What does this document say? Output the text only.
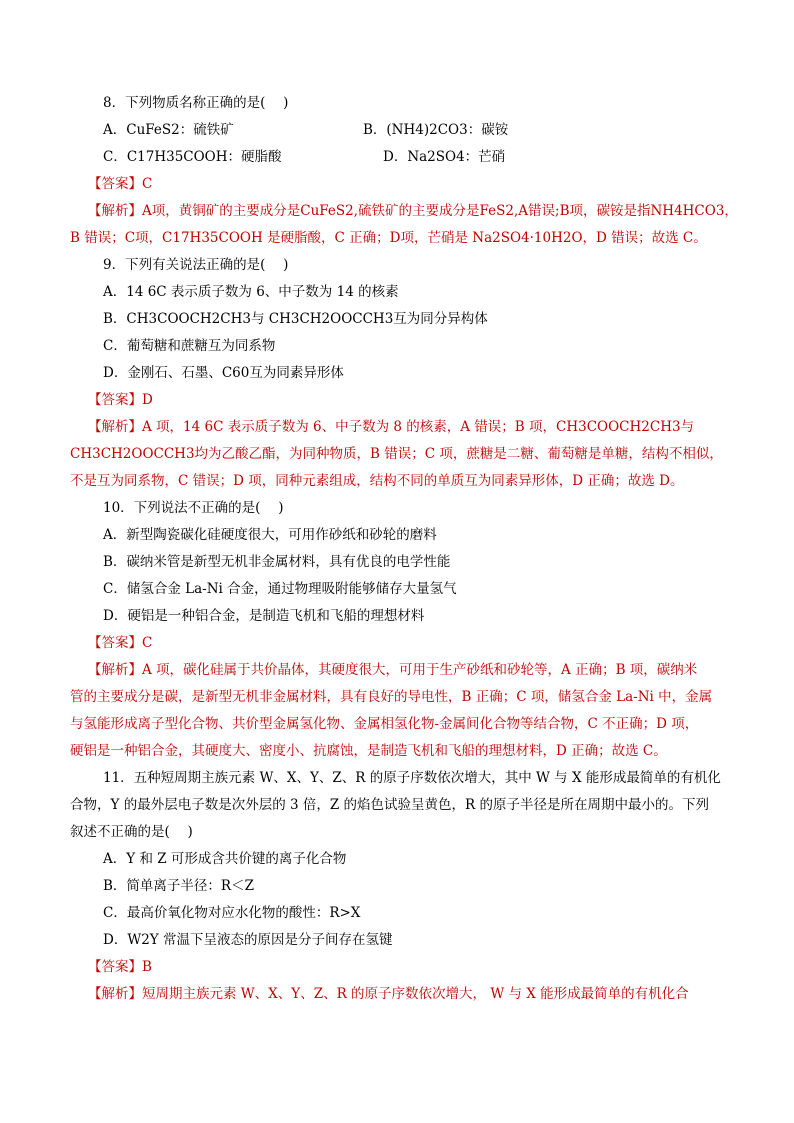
8．下列物质名称正确的是(　 )
A．CuFeS2：硫铁矿	B．(NH4)2CO3：碳铵
C．C17H35COOH：硬脂酸	D．Na2SO4：芒硝
【答案】C
【解析】A项，黄铜矿的主要成分是CuFeS2,硫铁矿的主要成分是FeS2,A错误;B项，碳铵是指NH4HCO3，
B 错误；C项，C17H35COOH 是硬脂酸，C 正确；D项，芒硝是 Na2SO4·10H2O，D 错误；故选 C。
9．下列有关说法正确的是(　 )
A．14 6C 表示质子数为 6、中子数为 14 的核素
B．CH3COOCH2CH3与 CH3CH2OOCCH3互为同分异构体
C．葡萄糖和蔗糖互为同系物
D．金刚石、石墨、C60互为同素异形体
【答案】D
【解析】A 项，14 6C 表示质子数为 6、中子数为 8 的核素，A 错误；B 项，CH3COOCH2CH3与
CH3CH2OOCCH3均为乙酸乙酯，为同种物质，B 错误；C 项，蔗糖是二糖、葡萄糖是单糖，结构不相似，
不是互为同系物，C 错误；D 项，同种元素组成，结构不同的单质互为同素异形体，D 正确；故选 D。
10．下列说法不正确的是(　 )
A．新型陶瓷碳化硅硬度很大，可用作砂纸和砂轮的磨料
B．碳纳米管是新型无机非金属材料，具有优良的电学性能
C．储氢合金 La-Ni 合金，通过物理吸附能够储存大量氢气
D．硬铝是一种铝合金，是制造飞机和飞船的理想材料
【答案】C
【解析】A 项，碳化硅属于共价晶体，其硬度很大，可用于生产砂纸和砂轮等，A 正确；B 项，碳纳米
管的主要成分是碳，是新型无机非金属材料，具有良好的导电性，B 正确；C 项，储氢合金 La-Ni 中，金属
与氢能形成离子型化合物、共价型金属氢化物、金属相氢化物-金属间化合物等结合物，C 不正确；D 项，
硬铝是一种铝合金，其硬度大、密度小、抗腐蚀，是制造飞机和飞船的理想材料，D 正确；故选 C。
11．五种短周期主族元素 W、X、Y、Z、R 的原子序数依次增大，其中 W 与 X 能形成最简单的有机化
合物，Y 的最外层电子数是次外层的 3 倍，Z 的焰色试验呈黄色，R 的原子半径是所在周期中最小的。下列
叙述不正确的是(　 )
A．Y 和 Z 可形成含共价键的离子化合物
B．简单离子半径：R＜Z
C．最高价氧化物对应水化物的酸性：R>X
D．W2Y 常温下呈液态的原因是分子间存在氢键
【答案】B
【解析】短周期主族元素 W、X、Y、Z、R 的原子序数依次增大， W 与 X 能形成最简单的有机化合
